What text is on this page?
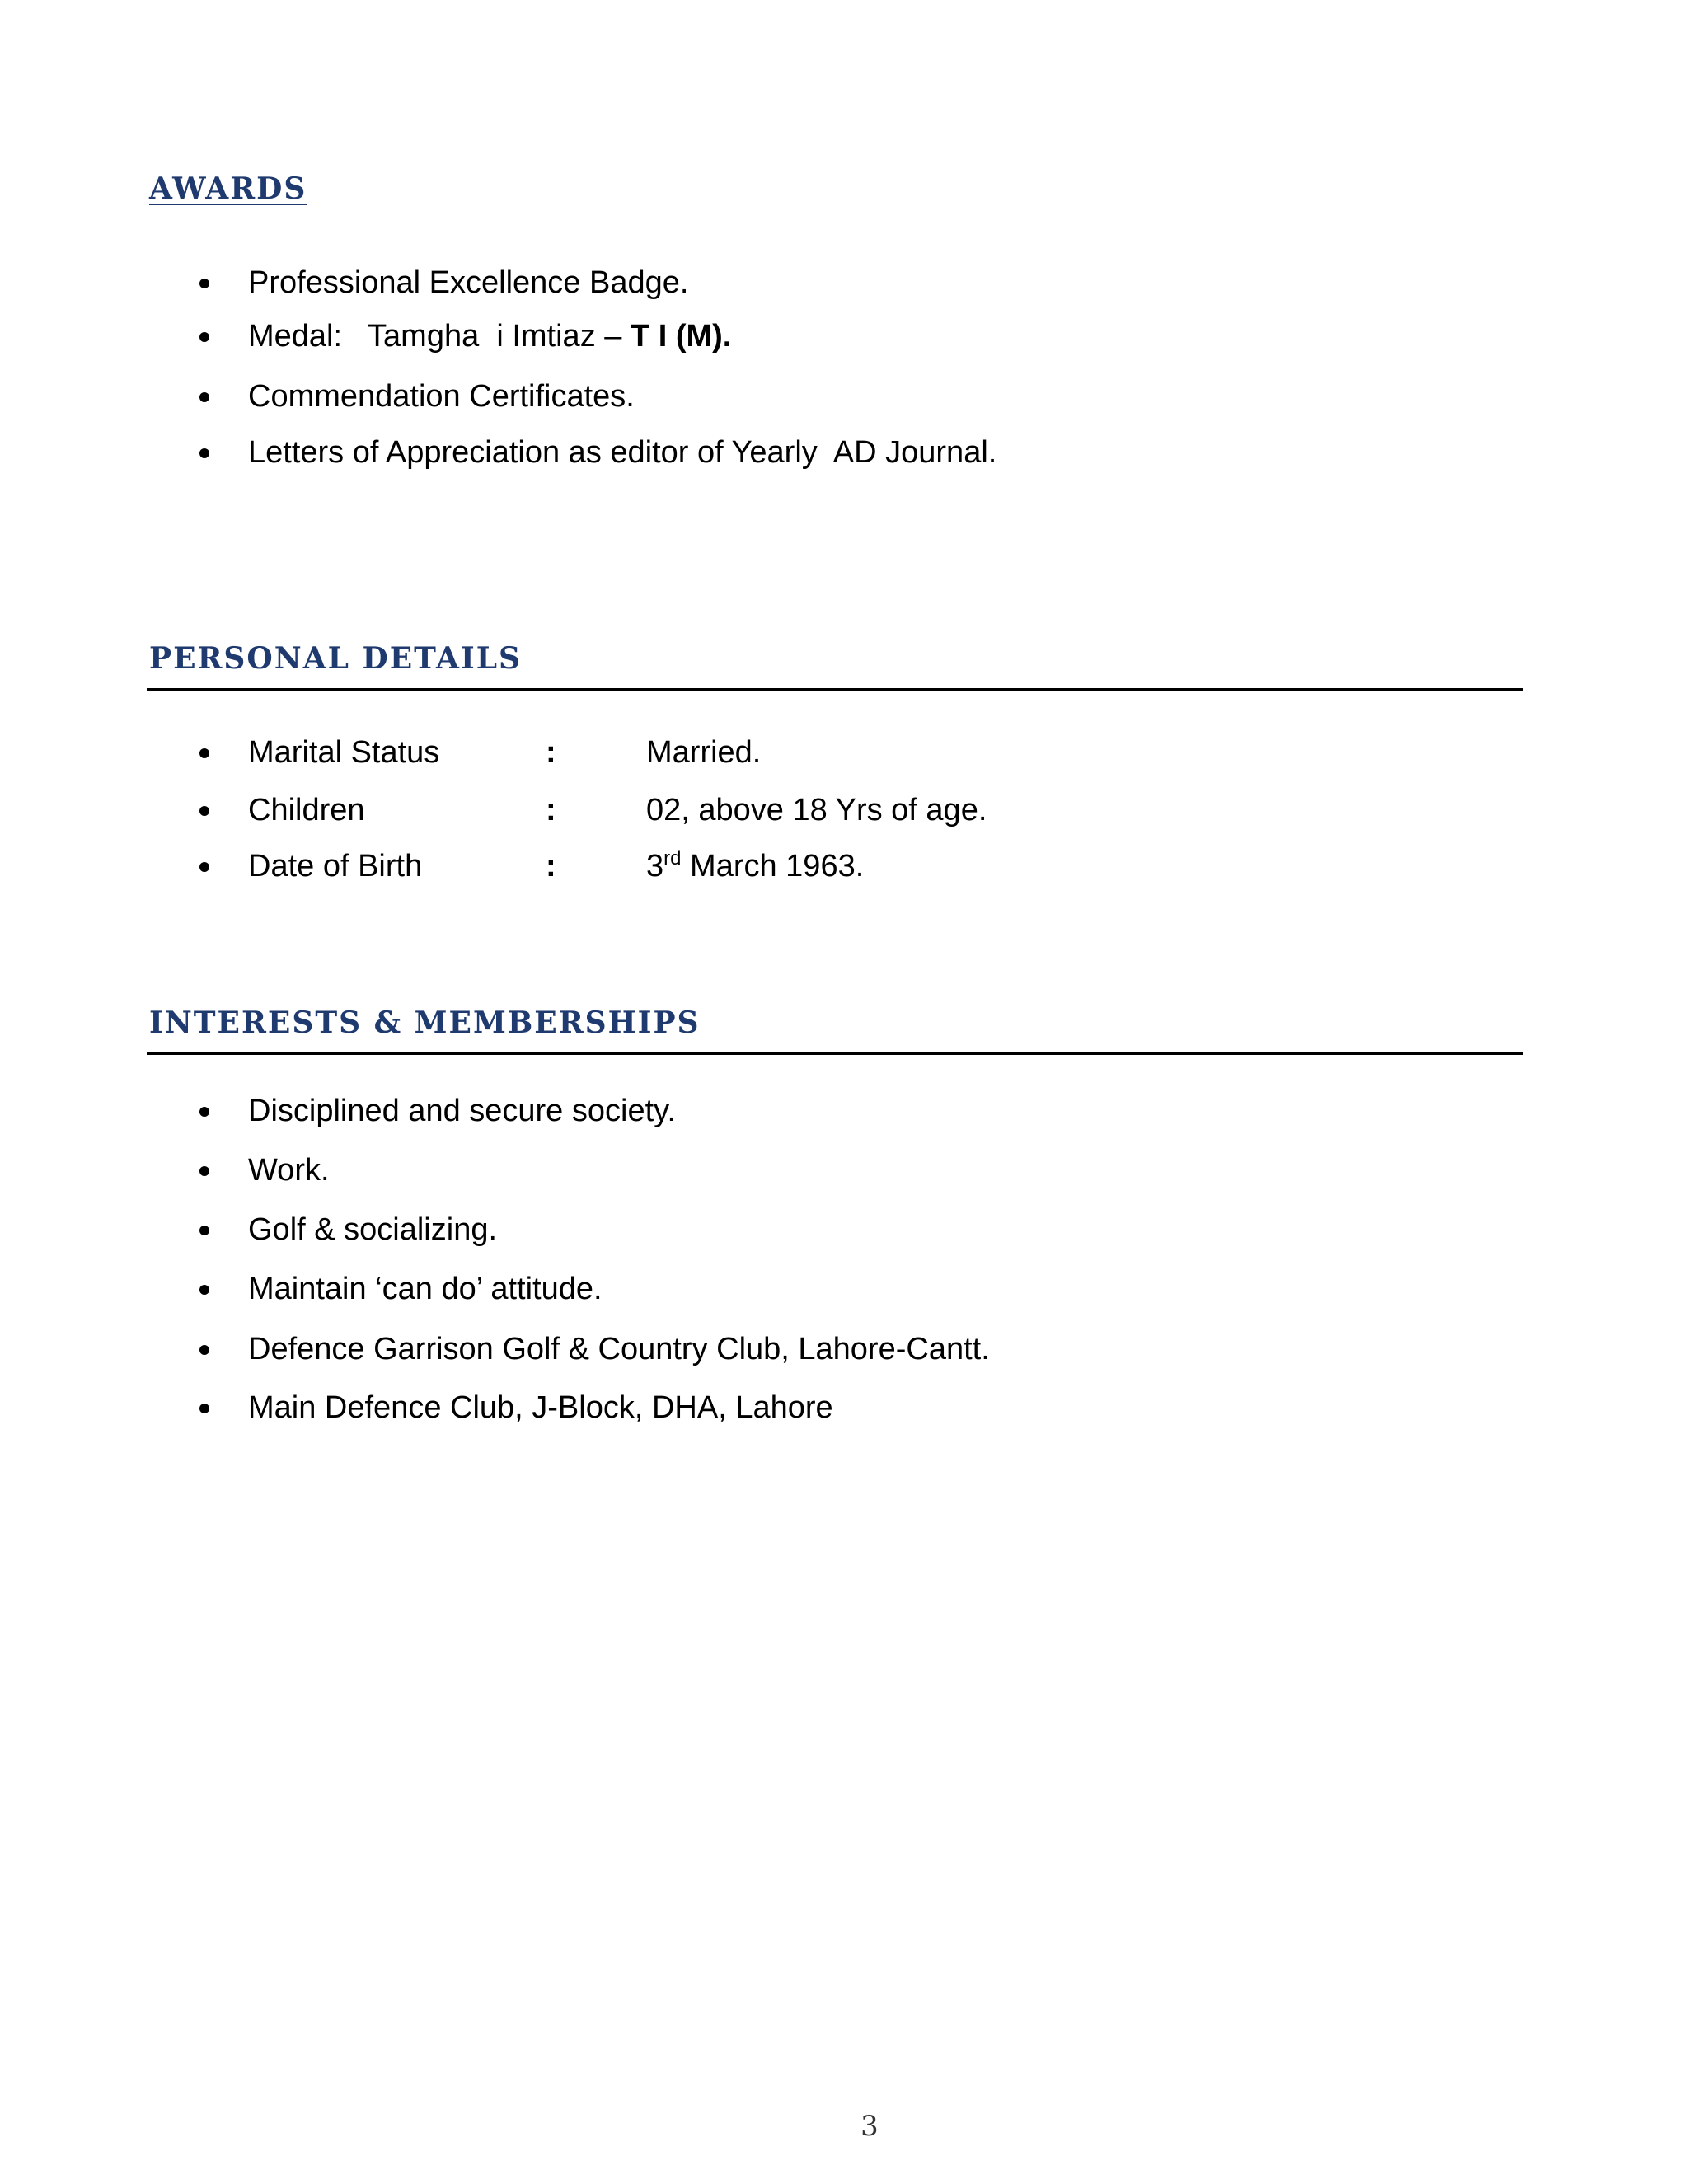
AWARDS
Professional Excellence Badge.
Medal:   Tamgha  i Imtiaz – T I (M).
Commendation Certificates.
Letters of Appreciation as editor of Yearly  AD Journal.
PERSONAL DETAILS
Marital Status	:	Married.
Children	:	02, above 18 Yrs of age.
Date of Birth	:	3rd March 1963.
INTERESTS & MEMBERSHIPS
Disciplined and secure society.
Work.
Golf & socializing.
Maintain ‘can do’ attitude.
Defence Garrison Golf & Country Club, Lahore-Cantt.
Main Defence Club, J-Block, DHA, Lahore
3
